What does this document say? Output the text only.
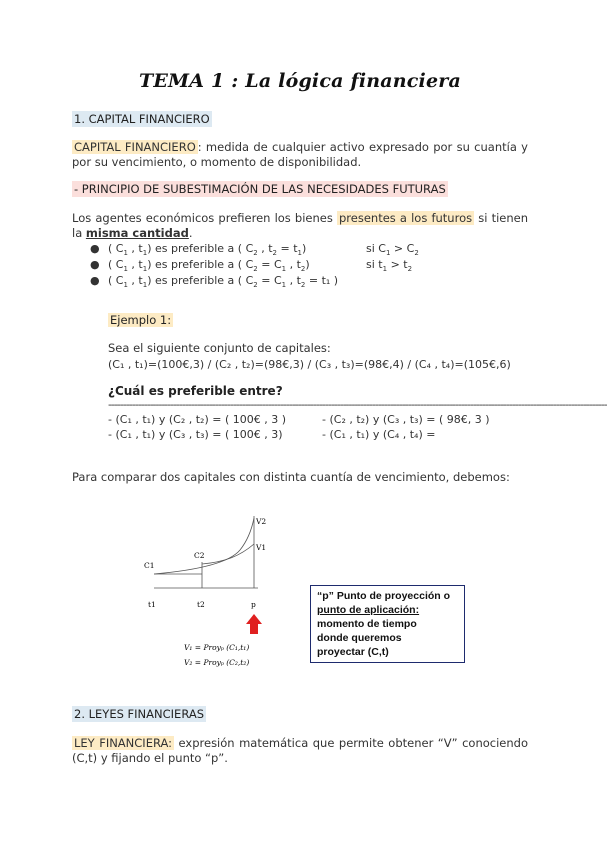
TEMA 1 : La lógica financiera
1. CAPITAL FINANCIERO
CAPITAL FINANCIERO : medida de cualquier activo expresado por su cuantía y por su vencimiento, o momento de disponibilidad.
- PRINCIPIO DE SUBESTIMACIÓN DE LAS NECESIDADES FUTURAS
Los agentes económicos prefieren los bienes presentes a los futuros si tienen la misma cantidad.
● ( $C_1$ , $t_1$) es preferible a ( $C_2$ , $t_2 = t_1$)	si $C_1 > C_2$
● ( $C_1$ , $t_1$) es preferible a ( $C_2 = C_1$ , $t_2$)	si $t_1 > t_2$
● ( $C_1$ , $t_1$) es preferible a ( $C_2 = C_1$ , $t_2 = t_1$ )
Ejemplo 1:
Sea el siguiente conjunto de capitales:
(C₁ , t₁)=(100€,3) / (C₂ , t₂)=(98€,3) / (C₃ , t₃)=(98€,4) / (C₄ , t₄)=(105€,6)
¿Cuál es preferible entre?
------------------------------------------------------------------------------------------------------------------------------------------------------------------------
- (C₁ , t₁) y (C₂ , t₂) = ( 100€ , 3 )	- (C₂ , t₂) y (C₃ , t₃) = ( 98€, 3 )
- (C₁ , t₁) y (C₃ , t₃) = ( 100€ , 3)	- (C₁ , t₁) y (C₄ , t₄) =
Para comparar dos capitales con distinta cuantía de vencimiento, debemos:
C1
C2
V2
V1
t1	t2	p
V₁ = Proyₚ (C₁,t₁)
V₂ = Proyₚ (C₂,t₂)
“p” Punto de proyección o
punto de aplicación:
momento de tiempo
donde queremos
proyectar (C,t)
2. LEYES FINANCIERAS
LEY FINANCIERA: expresión matemática que permite obtener “V” conociendo (C,t) y fijando el punto “p”.
